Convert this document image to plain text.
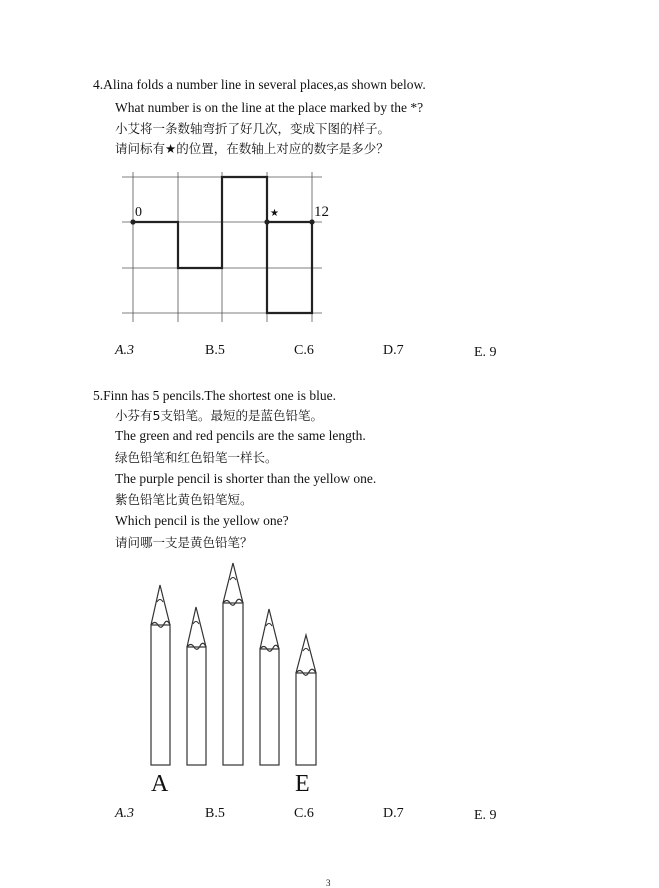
4.Alina folds a number line in several places,as shown below.
What number is on the line at the place marked by the *?
小艾将一条数轴弯折了好几次，变成下图的样子。
请问标有★的位置，在数轴上对应的数字是多少？
0	★ 12
A.3	B.5	C.6	D.7	E. 9
5.Finn has 5 pencils.The shortest one is blue.
小芬有5支铅笔。最短的是蓝色铅笔。
The green and red pencils are the same length.
绿色铅笔和红色铅笔一样长。
The purple pencil is shorter than the yellow one.
紫色铅笔比黄色铅笔短。
Which pencil is the yellow one?
请问哪一支是黄色铅笔？
A	E
A.3	B.5	C.6	D.7	E. 9
3
